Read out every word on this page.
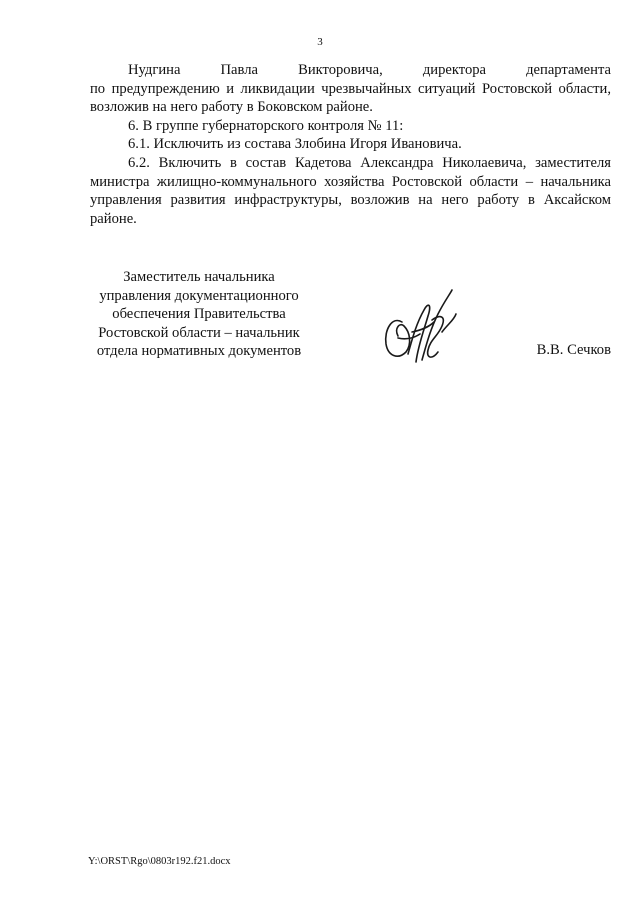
3

Нудгина Павла Викторовича, директора департамента

по предупреждению и ликвидации чрезвычайных ситуаций Ростовской области, возложив на него работу в Боковском районе.

6. В группе губернаторского контроля № 11:

6.1. Исключить из состава Злобина Игоря Ивановича.

6.2. Включить в состав Кадетова Александра Николаевича, заместителя министра жилищно-коммунального хозяйства Ростовской области – начальника управления развития инфраструктуры, возложив на него работу в Аксайском районе.

Заместитель начальника
управления документационного
обеспечения Правительства
Ростовской области – начальник
отдела нормативных документов	В.В. Сечков
Y:\ORST\Rgo\0803r192.f21.docx
